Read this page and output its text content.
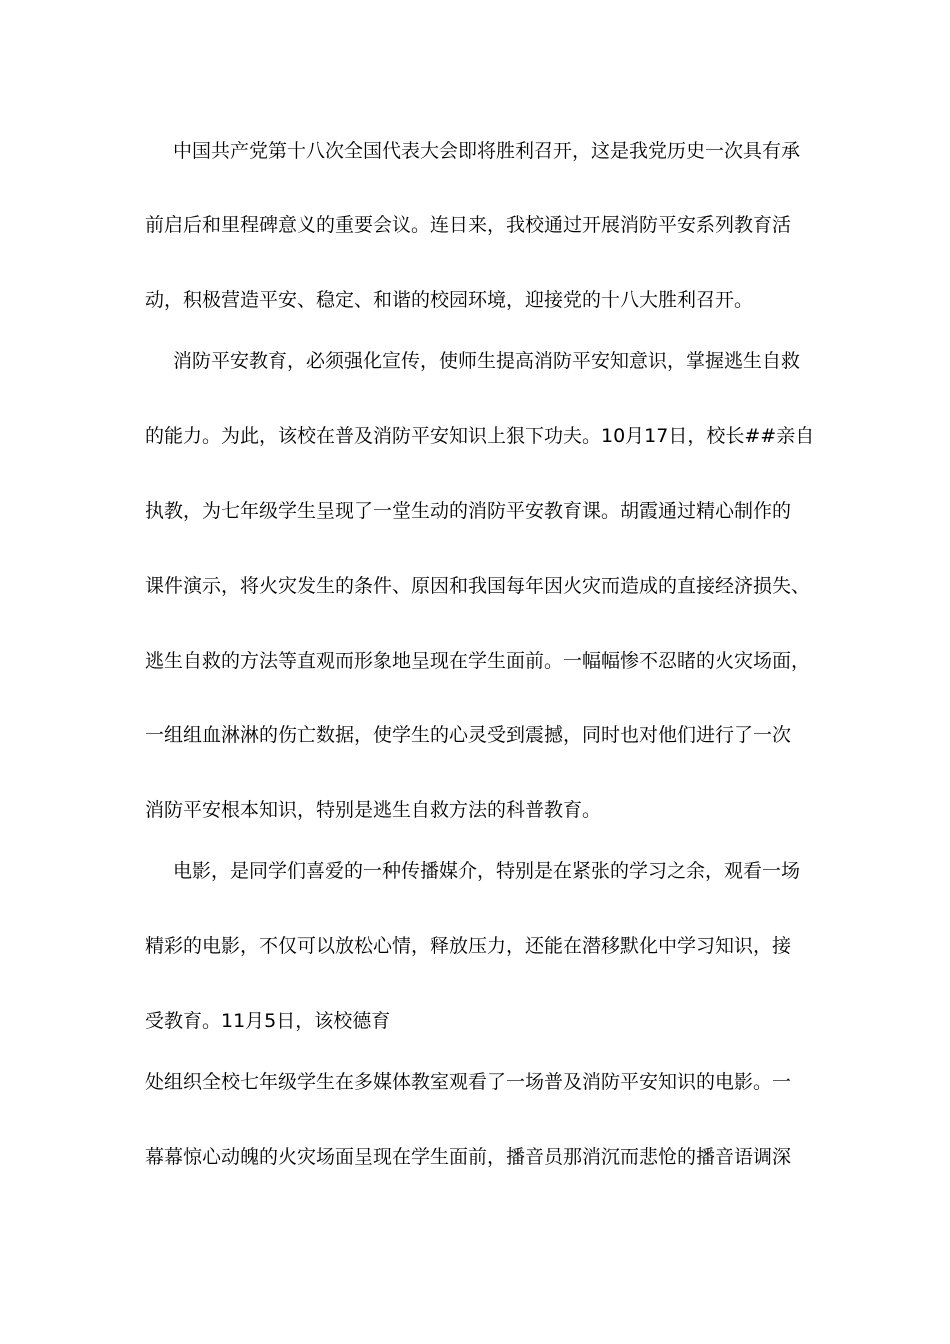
中国共产党第十八次全国代表大会即将胜利召开，这是我党历史一次具有承
前启后和里程碑意义的重要会议。连日来，我校通过开展消防平安系列教育活
动，积极营造平安、稳定、和谐的校园环境，迎接党的十八大胜利召开。
消防平安教育，必须强化宣传，使师生提高消防平安知意识，掌握逃生自救
的能力。为此，该校在普及消防平安知识上狠下功夫。10月17日，校长##亲自
执教，为七年级学生呈现了一堂生动的消防平安教育课。胡霞通过精心制作的
课件演示，将火灾发生的条件、原因和我国每年因火灾而造成的直接经济损失、
逃生自救的方法等直观而形象地呈现在学生面前。一幅幅惨不忍睹的火灾场面，
一组组血淋淋的伤亡数据，使学生的心灵受到震撼，同时也对他们进行了一次
消防平安根本知识，特别是逃生自救方法的科普教育。
电影，是同学们喜爱的一种传播媒介，特别是在紧张的学习之余，观看一场
精彩的电影，不仅可以放松心情，释放压力，还能在潜移默化中学习知识，接
受教育。11月5日，该校德育
处组织全校七年级学生在多媒体教室观看了一场普及消防平安知识的电影。一
幕幕惊心动魄的火灾场面呈现在学生面前，播音员那消沉而悲怆的播音语调深
